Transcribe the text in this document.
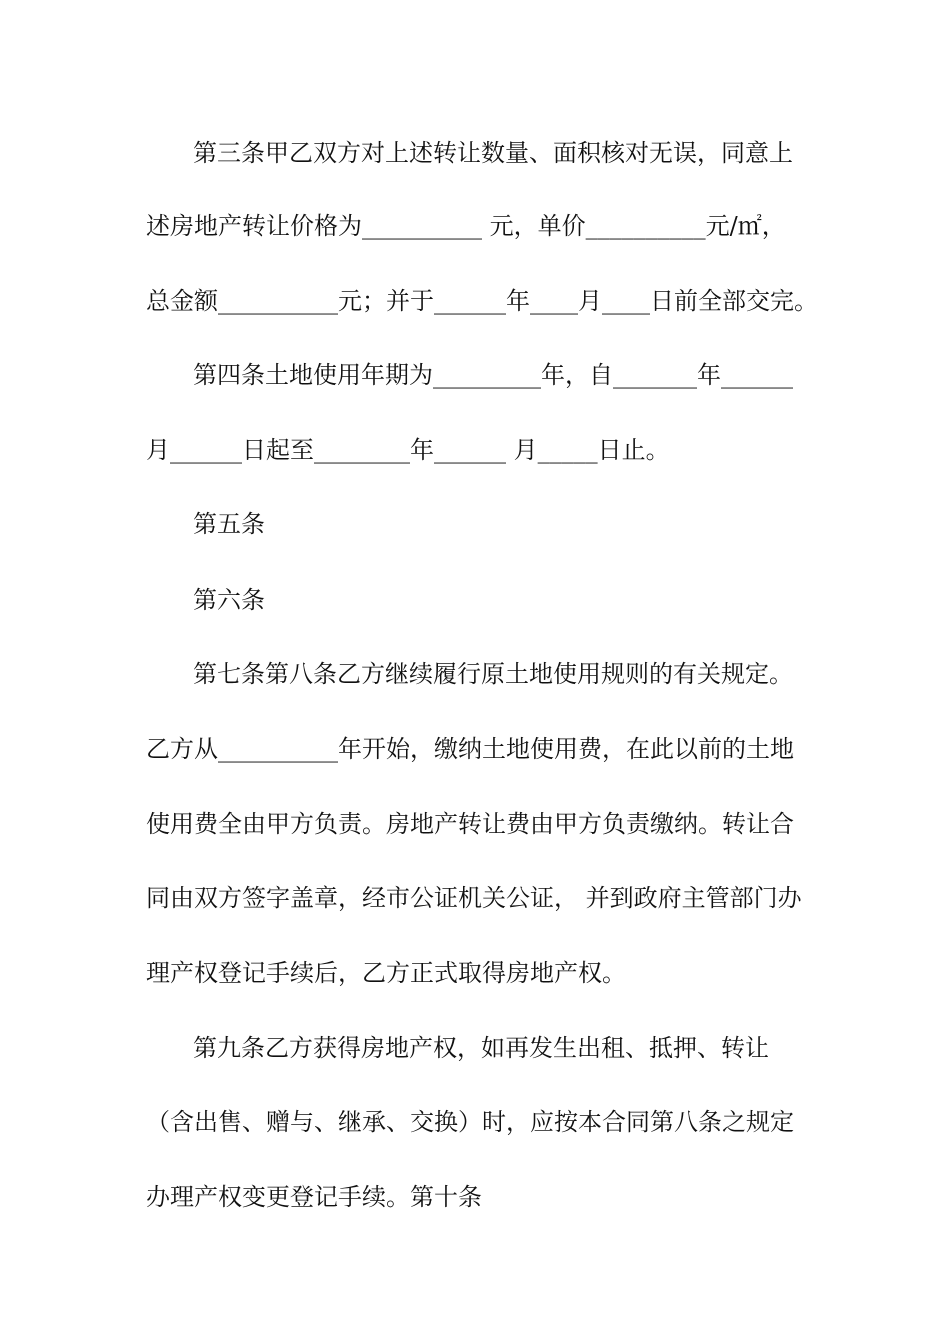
第三条甲乙双方对上述转让数量、面积核对无误，同意上
述房地产转让价格为__________ 元，单价__________元/㎡，
总金额__________元；并于______年____月____日前全部交完。
第四条土地使用年期为_________年，自_______年______
月______日起至________年______ 月_____日止。
第五条
第六条
第七条第八条乙方继续履行原土地使用规则的有关规定。
乙方从__________年开始，缴纳土地使用费，在此以前的土地
使用费全由甲方负责。房地产转让费由甲方负责缴纳。转让合
同由双方签字盖章，经市公证机关公证， 并到政府主管部门办
理产权登记手续后，乙方正式取得房地产权。
第九条乙方获得房地产权，如再发生出租、抵押、转让
（含出售、赠与、继承、交换）时，应按本合同第八条之规定
办理产权变更登记手续。第十条
